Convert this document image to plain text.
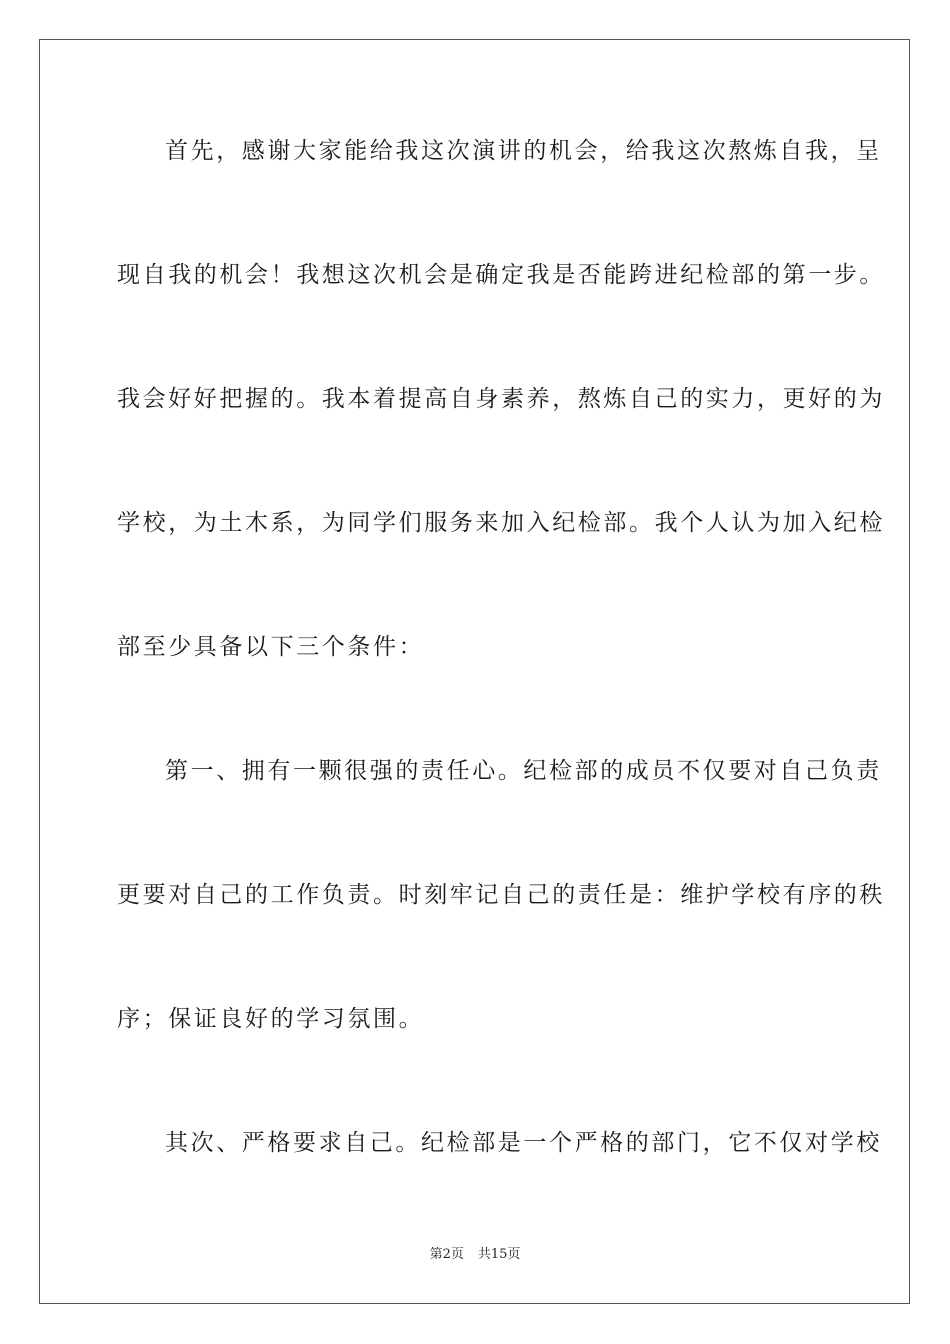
首先，感谢大家能给我这次演讲的机会，给我这次熬炼自我，呈
现自我的机会！我想这次机会是确定我是否能跨进纪检部的第一步。
我会好好把握的。我本着提高自身素养，熬炼自己的实力，更好的为
学校，为土木系，为同学们服务来加入纪检部。我个人认为加入纪检
部至少具备以下三个条件：
第一、拥有一颗很强的责任心。纪检部的成员不仅要对自己负责
更要对自己的工作负责。时刻牢记自己的责任是：维护学校有序的秩
序；保证良好的学习氛围。
其次、严格要求自己。纪检部是一个严格的部门，它不仅对学校
第2页 共15页
